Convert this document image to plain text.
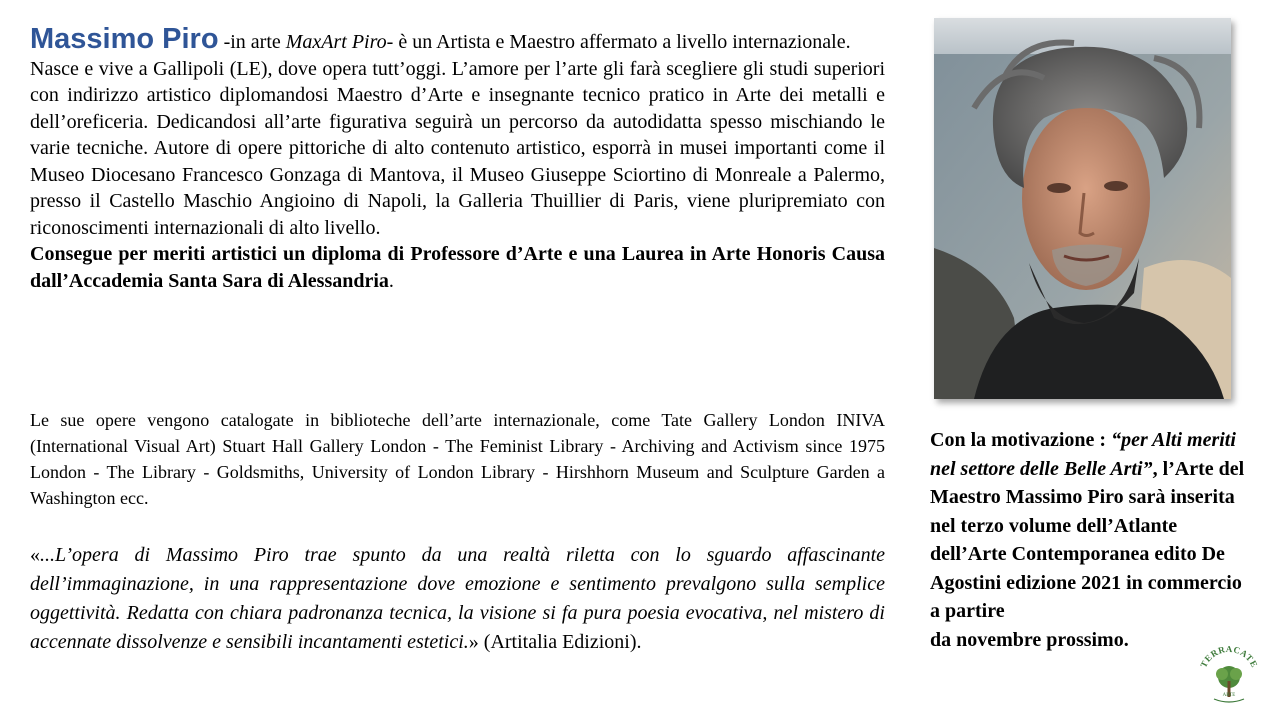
Massimo Piro -in arte MaxArt Piro- è un Artista e Maestro affermato a livello internazionale.

Nasce e vive a Gallipoli (LE), dove opera tutt’oggi. L’amore per l’arte gli farà scegliere gli studi superiori con indirizzo artistico diplomandosi Maestro d’Arte e insegnante tecnico pratico in Arte dei metalli e dell’oreficeria. Dedicandosi all’arte figurativa seguirà un percorso da autodidatta spesso mischiando le varie tecniche. Autore di opere pittoriche di alto contenuto artistico, esporrà in musei importanti come il Museo Diocesano Francesco Gonzaga di Mantova, il Museo Giuseppe Sciortino di Monreale a Palermo, presso il Castello Maschio Angioino di Napoli, la Galleria Thuillier di Paris, viene pluripremiato con riconoscimenti internazionali di alto livello.

Consegue per meriti artistici un diploma di Professore d’Arte e una Laurea in Arte Honoris Causa dall’Accademia Santa Sara di Alessandria.

Le sue opere vengono catalogate in biblioteche dell’arte internazionale, come Tate Gallery London INIVA (International Visual Art) Stuart Hall Gallery London - The Feminist Library - Archiving and Activism since 1975 London - The Library - Goldsmiths, University of London Library - Hirshhorn Museum and Sculpture Garden a Washington ecc.

«...L’opera di Massimo Piro trae spunto da una realtà riletta con lo sguardo affascinante dell’immaginazione, in una rappresentazione dove emozione e sentimento prevalgono sulla semplice oggettività. Redatta con chiara padronanza tecnica, la visione si fa pura poesia evocativa, nel mistero di accennate dissolvenze e sensibili incantamenti estetici.» (Artitalia Edizioni).

Con la motivazione : “per Alti meriti nel settore delle Belle Arti”, l’Arte del Maestro Massimo Piro sarà inserita nel terzo volume dell’Atlante dell’Arte Contemporanea edito De Agostini edizione 2021 in commercio a partire
da novembre prossimo.

TERRACATE
ARTE
